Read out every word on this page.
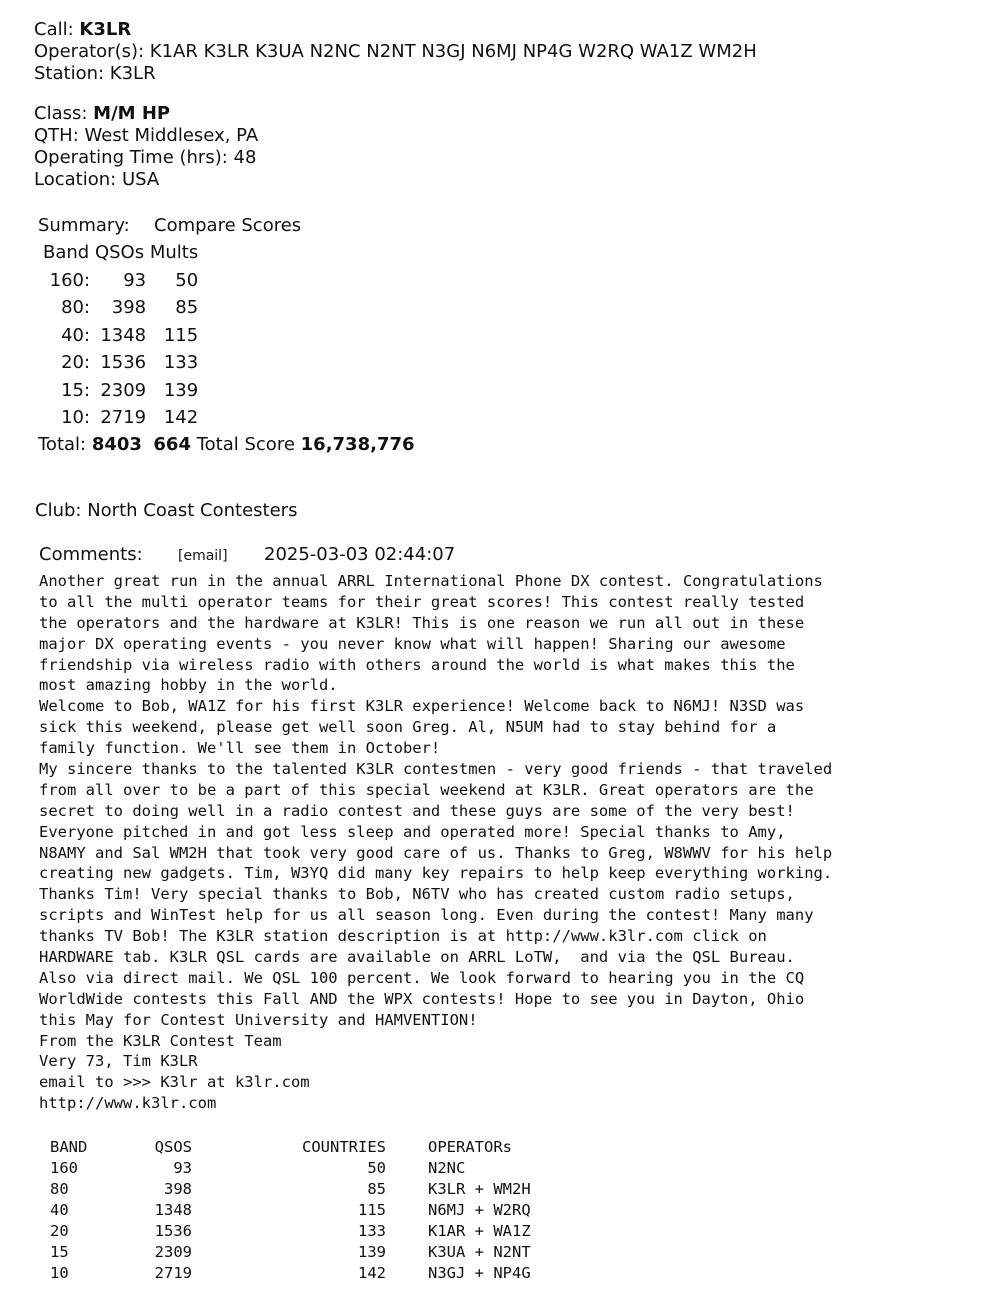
Call: K3LR
Operator(s): K1AR K3LR K3UA N2NC N2NT N3GJ N6MJ NP4G W2RQ WA1Z WM2H
Station: K3LR
Class: M/M HP
QTH: West Middlesex, PA
Operating Time (hrs): 48
Location: USA
Summary: Compare Scores
Band QSOs Mults		
160:	93	50
80:	398	85
40:	1348	115
20:	1536	133
15:	2309	139
10:	2719	142
Total: 8403 664 Total Score 16,738,776
Club: North Coast Contesters
Comments:	[email] 2025-03-03 02:44:07
Another great run in the annual ARRL International Phone DX contest. Congratulations
to all the multi operator teams for their great scores! This contest really tested
the operators and the hardware at K3LR! This is one reason we run all out in these
major DX operating events - you never know what will happen! Sharing our awesome
friendship via wireless radio with others around the world is what makes this the
most amazing hobby in the world.
Welcome to Bob, WA1Z for his first K3LR experience! Welcome back to N6MJ! N3SD was
sick this weekend, please get well soon Greg. Al, N5UM had to stay behind for a
family function. We'll see them in October!
My sincere thanks to the talented K3LR contestmen - very good friends - that traveled
from all over to be a part of this special weekend at K3LR. Great operators are the
secret to doing well in a radio contest and these guys are some of the very best!
Everyone pitched in and got less sleep and operated more! Special thanks to Amy,
N8AMY and Sal WM2H that took very good care of us. Thanks to Greg, W8WWV for his help
creating new gadgets. Tim, W3YQ did many key repairs to help keep everything working.
Thanks Tim! Very special thanks to Bob, N6TV who has created custom radio setups,
scripts and WinTest help for us all season long. Even during the contest! Many many
thanks TV Bob! The K3LR station description is at http://www.k3lr.com click on
HARDWARE tab. K3LR QSL cards are available on ARRL LoTW,  and via the QSL Bureau.
Also via direct mail. We QSL 100 percent. We look forward to hearing you in the CQ
WorldWide contests this Fall AND the WPX contests! Hope to see you in Dayton, Ohio
this May for Contest University and HAMVENTION!
From the K3LR Contest Team
Very 73, Tim K3LR
email to >>> K3lr at k3lr.com
http://www.k3lr.com
BAND	QSOS	COUNTRIES	OPERATORs
160	93	50	N2NC
80	398	85	K3LR + WM2H
40	1348	115	N6MJ + W2RQ
20	1536	133	K1AR + WA1Z
15	2309	139	K3UA + N2NT
10	2719	142	N3GJ + NP4G
